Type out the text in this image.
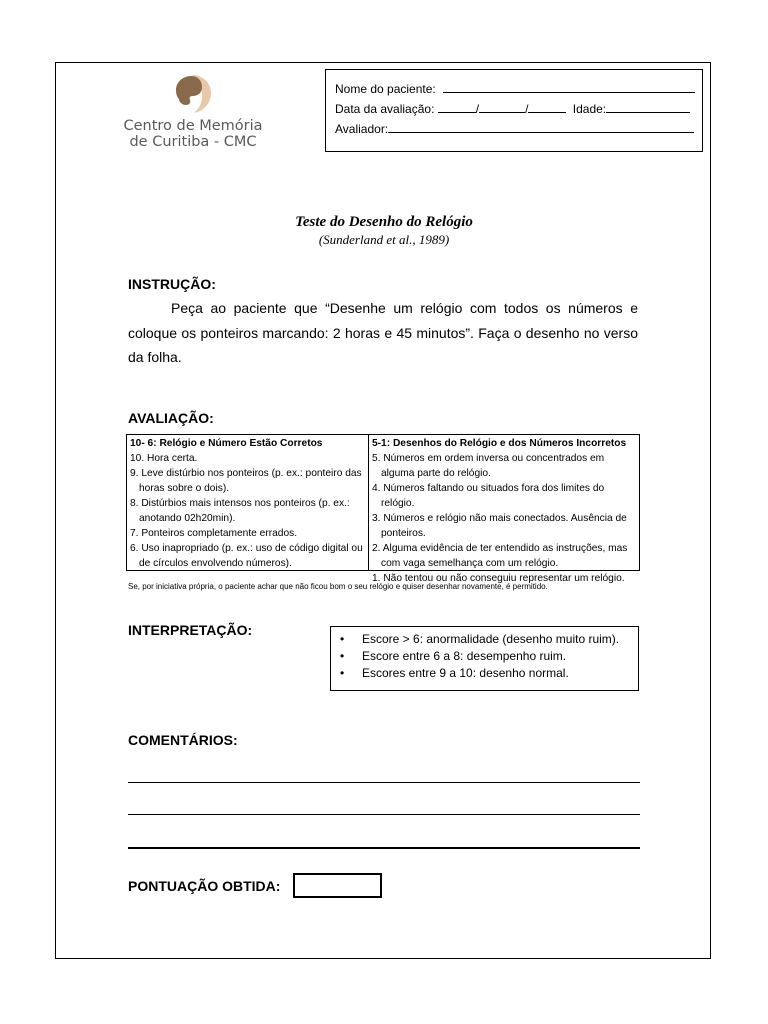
Centro de Memória
de Curitiba - CMC
Nome do paciente:
Data da avaliação:	/	/	Idade:
Avaliador:
Teste do Desenho do Relógio
(Sunderland et al., 1989)
INSTRUÇÃO:
Peça ao paciente que “Desenhe um relógio com todos os números e coloque os ponteiros marcando: 2 horas e 45 minutos”. Faça o desenho no verso da folha.
AVALIAÇÃO:
10- 6: Relógio e Número Estão Corretos
10. Hora certa.
9. Leve distúrbio nos ponteiros (p. ex.: ponteiro das horas sobre o dois).
8. Distúrbios mais intensos nos ponteiros (p. ex.: anotando 02h20min).
7. Ponteiros completamente errados.
6. Uso inapropriado (p. ex.: uso de código digital ou de círculos envolvendo números).
5-1: Desenhos do Relógio e dos Números Incorretos
5. Números em ordem inversa ou concentrados em alguma parte do relógio.
4. Números faltando ou situados fora dos limites do relógio.
3. Números e relógio não mais conectados. Ausência de ponteiros.
2. Alguma evidência de ter entendido as instruções, mas com vaga semelhança com um relógio.
1. Não tentou ou não conseguiu representar um relógio.
Se, por iniciativa própria, o paciente achar que não ficou bom o seu relógio e quiser desenhar novamente, é permitido.
INTERPRETAÇÃO:
•	Escore > 6: anormalidade (desenho muito ruim).
•	Escore entre 6 a 8: desempenho ruim.
•	Escores entre 9 a 10: desenho normal.
COMENTÁRIOS:
PONTUAÇÃO OBTIDA:
